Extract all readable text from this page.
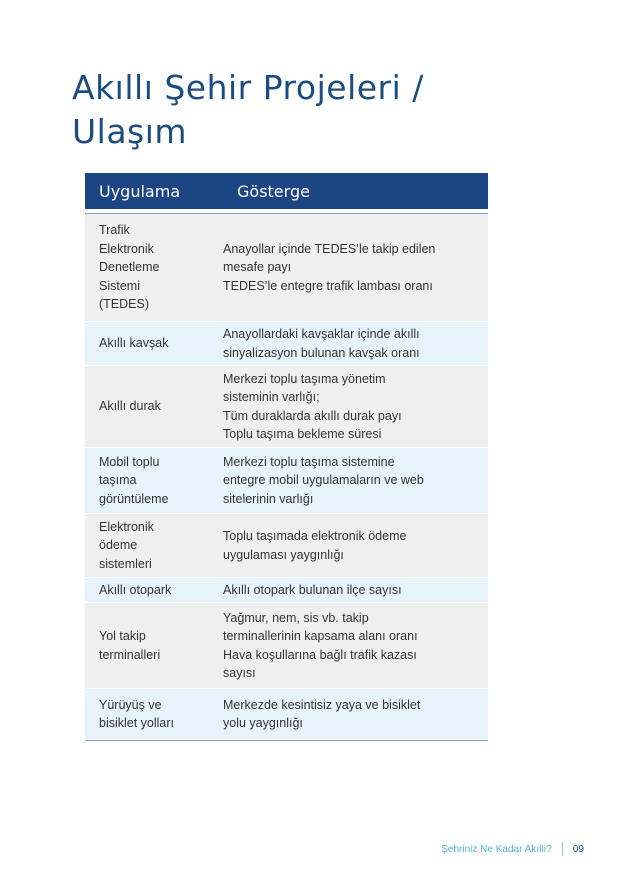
Akıllı Şehir Projeleri /
Ulaşım
Uygulama	Gösterge
Trafik
Elektronik
Denetleme
Sistemi
(TEDES)
Anayollar içinde TEDES’le takip edilen
mesafe payı
TEDES’le entegre trafik lambası oranı
Akıllı kavşak
Anayollardaki kavşaklar içinde akıllı
sinyalizasyon bulunan kavşak oranı
Akıllı durak
Merkezi toplu taşıma yönetim
sisteminin varlığı;
Tüm duraklarda akıllı durak payı
Toplu taşıma bekleme süresi
Mobil toplu
taşıma
görüntüleme
Merkezi toplu taşıma sistemine
entegre mobil uygulamaların ve web
sitelerinin varlığı
Elektronik
ödeme
sistemleri
Toplu taşımada elektronik ödeme
uygulaması yaygınlığı
Akıllı otopark	Akıllı otopark bulunan ilçe sayısı
Yol takip
terminalleri
Yağmur, nem, sis vb. takip
terminallerinin kapsama alanı oranı
Hava koşullarına bağlı trafik kazası
sayısı
Yürüyüş ve
bisiklet yolları
Merkezde kesintisiz yaya ve bisiklet
yolu yaygınlığı
Şehriniz Ne Kadar Akıllı? 09
